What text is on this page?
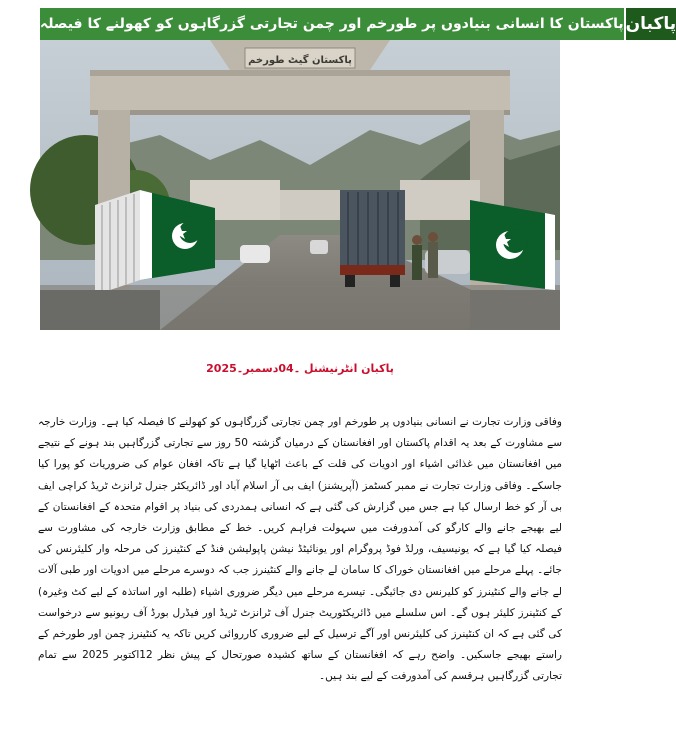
پاکستان کا انسانی بنیادوں پر طورخم اور چمن تجارتی گزرگاہوں کو کھولنے کا فیصلہ پاکبان
پاکستان گیٹ طورخم
پاکبان انٹرنیشنل ۔04دسمبر۔2025

وفاقی وزارت تجارت نے انسانی بنیادوں پر طورخم اور چمن تجارتی گزرگاہوں کو کھولنے کا فیصلہ کیا ہے۔ وزارت خارجہ سے مشاورت کے بعد یہ اقدام پاکستان اور افغانستان کے درمیان گزشتہ 50 روز سے تجارتی گزرگاہیں بند ہونے کے نتیجے میں افغانستان میں غذائی اشیاء اور ادویات کی قلت کے باعث اٹھایا گیا ہے تاکہ افغان عوام کی ضروریات کو پورا کیا جاسکے۔ وفاقی وزارت تجارت نے ممبر کسٹمز (آپریشنز) ایف بی آر اسلام آباد اور ڈائریکٹر جنرل ٹرانزٹ ٹریڈ کراچی ایف بی آر کو خط ارسال کیا ہے جس میں گزارش کی گئی ہے کہ انسانی ہمدردی کی بنیاد پر اقوام متحدہ کے افغانستان کے لیے بھیجے جانے والے کارگو کی آمدورفت میں سہولت فراہم کریں۔ خط کے مطابق وزارت خارجہ کی مشاورت سے فیصلہ کیا گیا ہے کہ یونیسیف، ورلڈ فوڈ پروگرام اور یونائیٹڈ نیشن پاپولیشن فنڈ کے کنٹینرز کی مرحلہ وار کلیئرنس کی جائے۔ پہلے مرحلے میں افغانستان خوراک کا سامان لے جانے والے کنٹینرز جب کہ دوسرے مرحلے میں ادویات اور طبی آلات لے جانے والے کنٹینرز کو کلیرنس دی جائیگی۔ تیسرے مرحلے میں دیگر ضروری اشیاء (طلبہ اور اساتذہ کے لیے کٹ وغیرہ) کے کنٹینرز کلیئر ہوں گے۔ اس سلسلے میں ڈائریکٹوریٹ جنرل آف ٹرانزٹ ٹریڈ اور فیڈرل بورڈ آف ریونیو سے درخواست کی گئی ہے کہ ان کنٹینرز کی کلیئرنس اور آگے ترسیل کے لیے ضروری کارروائی کریں تاکہ یہ کنٹینرز چمن اور طورخم کے راستے بھیجے جاسکیں۔ واضح رہے کہ افغانستان کے ساتھ کشیدہ صورتحال کے پیش نظر 12اکتوبر 2025 سے تمام تجارتی گزرگاہیں ہرقسم کی آمدورفت کے لیے بند ہیں۔
